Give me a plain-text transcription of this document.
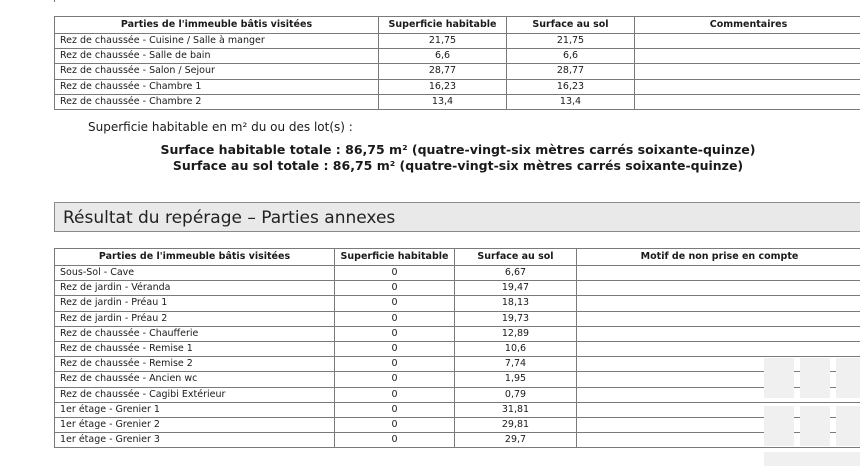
Parties de l'immeuble bâtis visitées	Superficie habitable	Surface au sol	Commentaires
Rez de chaussée - Cuisine / Salle à manger	21,75	21,75	
Rez de chaussée - Salle de bain	6,6	6,6	
Rez de chaussée - Salon / Sejour	28,77	28,77	
Rez de chaussée - Chambre 1	16,23	16,23	
Rez de chaussée - Chambre 2	13,4	13,4	
Superficie habitable en m² du ou des lot(s) :
Surface habitable totale : 86,75 m² (quatre-vingt-six mètres carrés soixante-quinze)
Surface au sol totale : 86,75 m² (quatre-vingt-six mètres carrés soixante-quinze)
Résultat du repérage – Parties annexes
Parties de l'immeuble bâtis visitées	Superficie habitable	Surface au sol	Motif de non prise en compte
Sous-Sol - Cave	0	6,67	
Rez de jardin - Véranda	0	19,47	
Rez de jardin - Préau 1	0	18,13	
Rez de jardin - Préau 2	0	19,73	
Rez de chaussée - Chaufferie	0	12,89	
Rez de chaussée - Remise 1	0	10,6	
Rez de chaussée - Remise 2	0	7,74	
Rez de chaussée - Ancien wc	0	1,95	
Rez de chaussée - Cagibi Extérieur	0	0,79	
1er étage - Grenier 1	0	31,81	
1er étage - Grenier 2	0	29,81	
1er étage - Grenier 3	0	29,7	
